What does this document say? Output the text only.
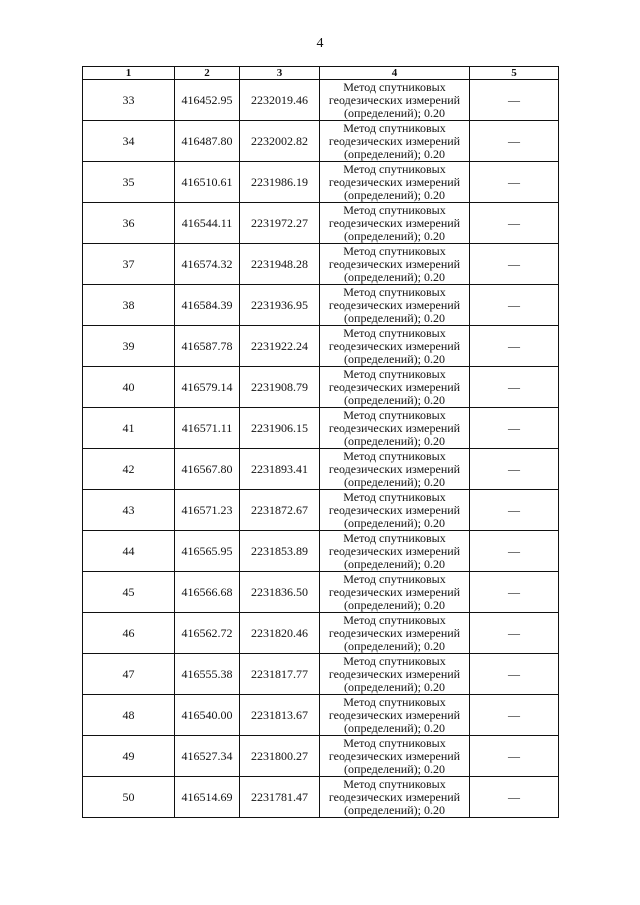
4
1	2	3	4	5
33	416452.95	2232019.46	Метод спутниковых
геодезических измерений
(определений); 0.20	—
34	416487.80	2232002.82	Метод спутниковых
геодезических измерений
(определений); 0.20	—
35	416510.61	2231986.19	Метод спутниковых
геодезических измерений
(определений); 0.20	—
36	416544.11	2231972.27	Метод спутниковых
геодезических измерений
(определений); 0.20	—
37	416574.32	2231948.28	Метод спутниковых
геодезических измерений
(определений); 0.20	—
38	416584.39	2231936.95	Метод спутниковых
геодезических измерений
(определений); 0.20	—
39	416587.78	2231922.24	Метод спутниковых
геодезических измерений
(определений); 0.20	—
40	416579.14	2231908.79	Метод спутниковых
геодезических измерений
(определений); 0.20	—
41	416571.11	2231906.15	Метод спутниковых
геодезических измерений
(определений); 0.20	—
42	416567.80	2231893.41	Метод спутниковых
геодезических измерений
(определений); 0.20	—
43	416571.23	2231872.67	Метод спутниковых
геодезических измерений
(определений); 0.20	—
44	416565.95	2231853.89	Метод спутниковых
геодезических измерений
(определений); 0.20	—
45	416566.68	2231836.50	Метод спутниковых
геодезических измерений
(определений); 0.20	—
46	416562.72	2231820.46	Метод спутниковых
геодезических измерений
(определений); 0.20	—
47	416555.38	2231817.77	Метод спутниковых
геодезических измерений
(определений); 0.20	—
48	416540.00	2231813.67	Метод спутниковых
геодезических измерений
(определений); 0.20	—
49	416527.34	2231800.27	Метод спутниковых
геодезических измерений
(определений); 0.20	—
50	416514.69	2231781.47	Метод спутниковых
геодезических измерений
(определений); 0.20	—
